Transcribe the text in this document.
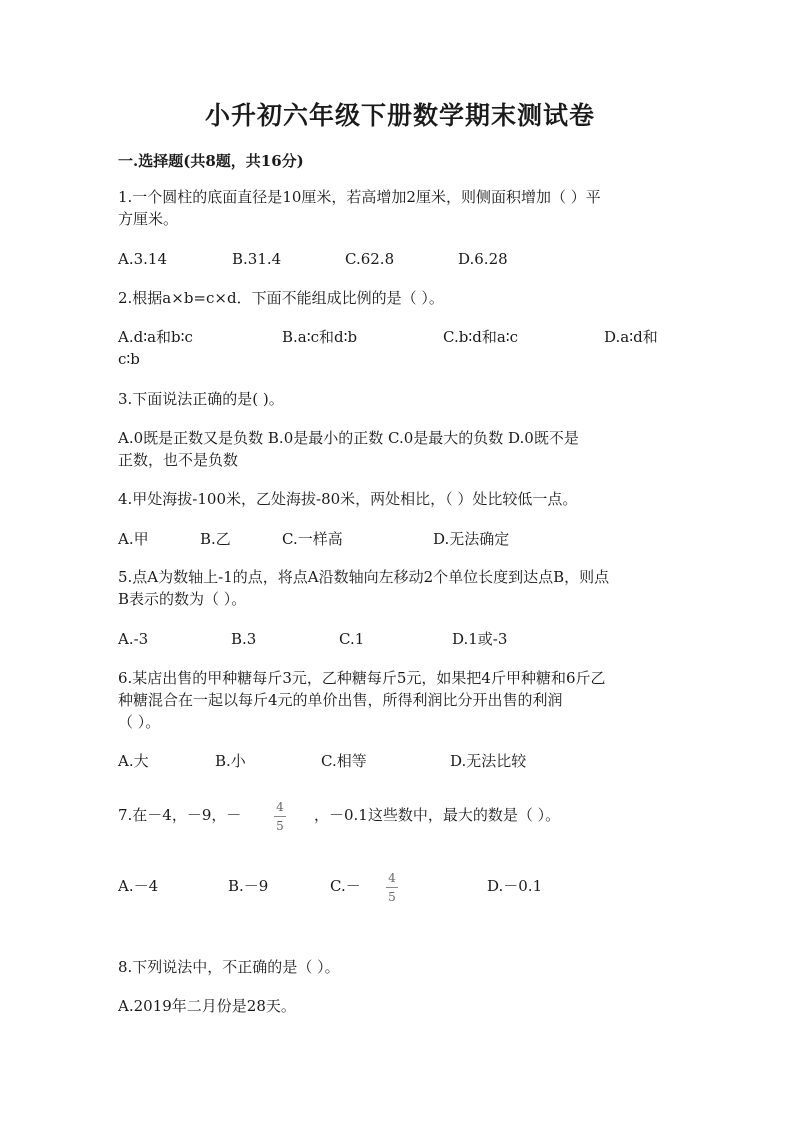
小升初六年级下册数学期末测试卷
一.选择题(共8题，共16分)
1.一个圆柱的底面直径是10厘米，若高增加2厘米，则侧面积增加（ ）平
方厘米。
A.3.14	B.31.4	C.62.8	D.6.28
2.根据a×b=c×d．下面不能组成比例的是（ ）。
A.d∶a和b∶c	B.a∶c和d∶b	C.b∶d和a∶c	D.a∶d和
c∶b
3.下面说法正确的是( )。
A.0既是正数又是负数 B.0是最小的正数 C.0是最大的负数 D.0既不是
正数，也不是负数
4.甲处海拔-100米，乙处海拔-80米，两处相比，（ ）处比较低一点。
A.甲	B.乙	C.一样高	D.无法确定
5.点A为数轴上-1的点，将点A沿数轴向左移动2个单位长度到达点B，则点
B表示的数为（ ）。
A.-3	B.3	C.1	D.1或-3
6.某店出售的甲种糖每斤3元，乙种糖每斤5元，如果把4斤甲种糖和6斤乙
种糖混合在一起以每斤4元的单价出售，所得利润比分开出售的利润
（ ）。
A.大	B.小	C.相等	D.无法比较
7.在－4，－9，－	4
5
，－0.1这些数中，最大的数是（ ）。
A.－4	B.－9	C.－ 4
5
D.－0.1
8.下列说法中，不正确的是（ ）。
A.2019年二月份是28天。
